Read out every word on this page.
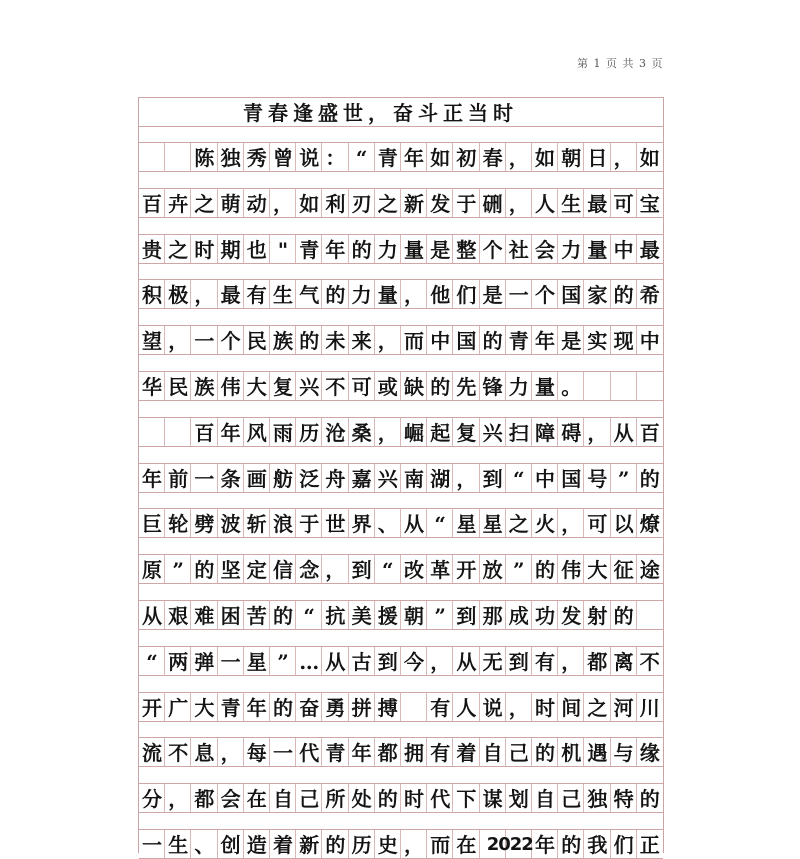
第 1 页 共 3 页
青春逢盛世，奋斗正当时
陈 独 秀 曾 说 ： “ 青 年 如 初 春 ， 如 朝 日 ， 如
百 卉 之 萌 动 ， 如 利 刃 之 新 发 于 硎 ， 人 生 最 可 宝
贵 之 时 期 也 " 青 年 的 力 量 是 整 个 社 会 力 量 中 最
积 极 ， 最 有 生 气 的 力 量 ， 他 们 是 一 个 国 家 的 希
望 ， 一 个 民 族 的 未 来 ， 而 中 国 的 青 年 是 实 现 中
华 民 族 伟 大 复 兴 不 可 或 缺 的 先 锋 力 量 。
百 年 风 雨 历 沧 桑 ， 崛 起 复 兴 扫 障 碍 ， 从 百
年 前 一 条 画 舫 泛 舟 嘉 兴 南 湖 ， 到 “ 中 国 号 ” 的
巨 轮 劈 波 斩 浪 于 世 界 、 从 “ 星 星 之 火 ， 可 以 燎
原 ” 的 坚 定 信 念 ， 到 “ 改 革 开 放 ” 的 伟 大 征 途
从 艰 难 困 苦 的 “ 抗 美 援 朝 ” 到 那 成 功 发 射 的
“ 两 弹 一 星 ” … 从 古 到 今 ， 从 无 到 有 ， 都 离 不
开 广 大 青 年 的 奋 勇 拼 搏 有 人 说 ， 时 间 之 河 川
流 不 息 ， 每 一 代 青 年 都 拥 有 着 自 己 的 机 遇 与 缘
分 ， 都 会 在 自 己 所 处 的 时 代 下 谋 划 自 己 独 特 的
一 生 、 创 造 着 新 的 历 史 ， 而 在 2022 年 的 我 们 正
